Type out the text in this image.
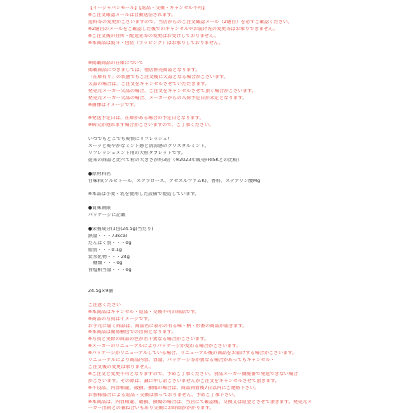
【イージャパンモール】【返品・交換・キャンセル不可】
※ご注文確認メールは自動送信されます。
送料等の変更がございますので、当店からのご注文確認メール（2通目）を必ずご確認ください。
※2通目のメールをご確認した後でのキャンセルやお届け先の変更等はお承りできません。
※ご注文後の住所・配送先等の変更はお受けしておりません。
※本商品は熨斗・包装（ラッピング）はお承りしておりません。
※掲載商品の在庫について
掲載商品につきましては、他店併売商品となります。
「在庫有り」の状態でもご注文後に欠品となる場合がございます。
欠品の場合は、ご注文をキャンセルさせていただきます。
発売元メーカー欠品の場合、ご注文をキャンセルさせて頂く場合がございます。
発売元メーカー欠品の場合、メーカーからの入荷予定日が未定となります。
※画像はイメージです。
※発送予定日は、在庫がある場合の予定日となります。
※病欠が遅れます場合がございますので、ご了承ください。
いつでもどこでも爽快にリフレッシュ!
スーッと爽やかなミント感と清涼感のクリスタルミント。
リフレッシュメント用の大粒タブレットです。
従来の商品と比べて粒の大きさが約3倍（※2023年販売FRISKとの比較）
●原材料名
甘味料(ソルビトール、スクラロース、アセスルファムK)、香料、ステアリン酸Mg
※本品は小麦・乳を使用した設備で製造しています。
●賞味期限
パッケージに記載
●栄養成分(1包(24.5g)当たり)
熱量・・・73kcal
たんぱく質・・・0g
脂質・・・0.1g
炭水化物・・・24g
糖類・・・0g
食塩相当量・・・0g
24.5g×9個
ご注意ください
※本商品はキャンセル・返品・交換不可の商品です。
※商品の写真はイメージです。
お手元に届く商品は、商品名に表示の有る味・柄・形番の商品が届きます。
※本商品は簡易梱包での出荷となります。
※写真と実際の商品の色が若干異なる場合がございます。
※メーカーのリニューアルによりパッケージが変わる場合がございます。
※パッケージがリニューアルしている場合、リニューアル後の商品をお届けする場合がございます。
リニューアルにより商品内容、容量、パッケージ等が異なる場合があってもキャンセル・
ご注文後の変更は承りません。
※ご注文と変更不可となりますので、予めご了承ください。食品メーカー側廃番で発送できない場合
がございます。その際は、誠に申し訳ございませんがご注文をキャンセルさせて頂きます。
※不良品、内容相違、破損、損傷の場合は、商品到着後7日以内にご連絡下さい。
お客様都合による返品・交換は承っておりません。予めご了承下さい。
※本商品は、内容相違、破損、損傷の場合は、当店にて確認後、交換又は返金とさせて頂きます。発売元メ
ーカー出荷との兼ね合いもあり交換にお時間がかかります。
